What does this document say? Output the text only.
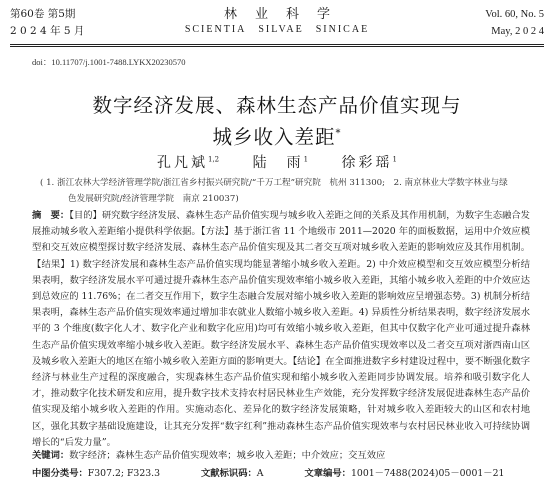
第60卷 第5期
2 0 2 4 年 5 月
林业科学
SCIENTIA SILVAE SINICAE
Vol. 60, No. 5
May, 2 0 2 4
doi：10.11707/j.1001-7488.LYKX20230570
数字经济发展、森林生态产品价值实现与
城乡收入差距*
孔凡斌$^{1,2}$ 陆　雨$^1$ 徐彩瑶$^1$
( 1. 浙江农林大学经济管理学院/浙江省乡村振兴研究院/“千万工程”研究院　杭州 311300;　2. 南京林业大学数字林业与绿
色发展研究院/经济管理学院　南京 210037)
摘　要：【目的】研究数字经济发展、森林生态产品价值实现与城乡收入差距之间的关系及其作用机制，为数字生态融合发展推动城乡收入差距缩小提供科学依据。【方法】基于浙江省 11 个地级市 2011—2020 年的面板数据，运用中介效应模型和交互效应模型探讨数字经济发展、森林生态产品价值实现及其二者交互项对城乡收入差距的影响效应及其作用机制。【结果】1) 数字经济发展和森林生态产品价值实现均能显著缩小城乡收入差距。2) 中介效应模型和交互效应模型分析结果表明，数字经济发展水平可通过提升森林生态产品价值实现效率缩小城乡收入差距，其缩小城乡收入差距的中介效应达到总效应的 11.76%；在二者交互作用下，数字生态融合发展对缩小城乡收入差距的影响效应呈增强态势。3) 机制分析结果表明，森林生态产品价值实现效率通过增加非农就业人数缩小城乡收入差距。4) 异质性分析结果表明，数字经济发展水平的 3 个维度(数字化人才、数字化产业和数字化应用)均可有效缩小城乡收入差距，但其中仅数字化产业可通过提升森林生态产品价值实现效率缩小城乡收入差距。数字经济发展水平、森林生态产品价值实现效率以及二者交互项对浙西南山区及城乡收入差距大的地区在缩小城乡收入差距方面的影响更大。【结论】在全面推进数字乡村建设过程中，要不断强化数字经济与林业生产过程的深度融合，实现森林生态产品价值实现和缩小城乡收入差距同步协调发展。培养和吸引数字化人才，推动数字化技术研发和应用，提升数字技术支持农村居民林业生产效能，充分发挥数字经济发展促进森林生态产品价值实现及缩小城乡收入差距的作用。实施动态化、差异化的数字经济发展策略，针对城乡收入差距较大的山区和农村地区，强化其数字基础设施建设，让其充分发挥“数字红利”推动森林生态产品价值实现效率与农村居民林业收入可持续协调增长的“后发力量”。
关键词：数字经济；森林生态产品价值实现效率；城乡收入差距；中介效应；交互效应
中图分类号：F307.2; F323.3	文献标识码：A	文章编号：1001－7488(2024)05－0001－21
